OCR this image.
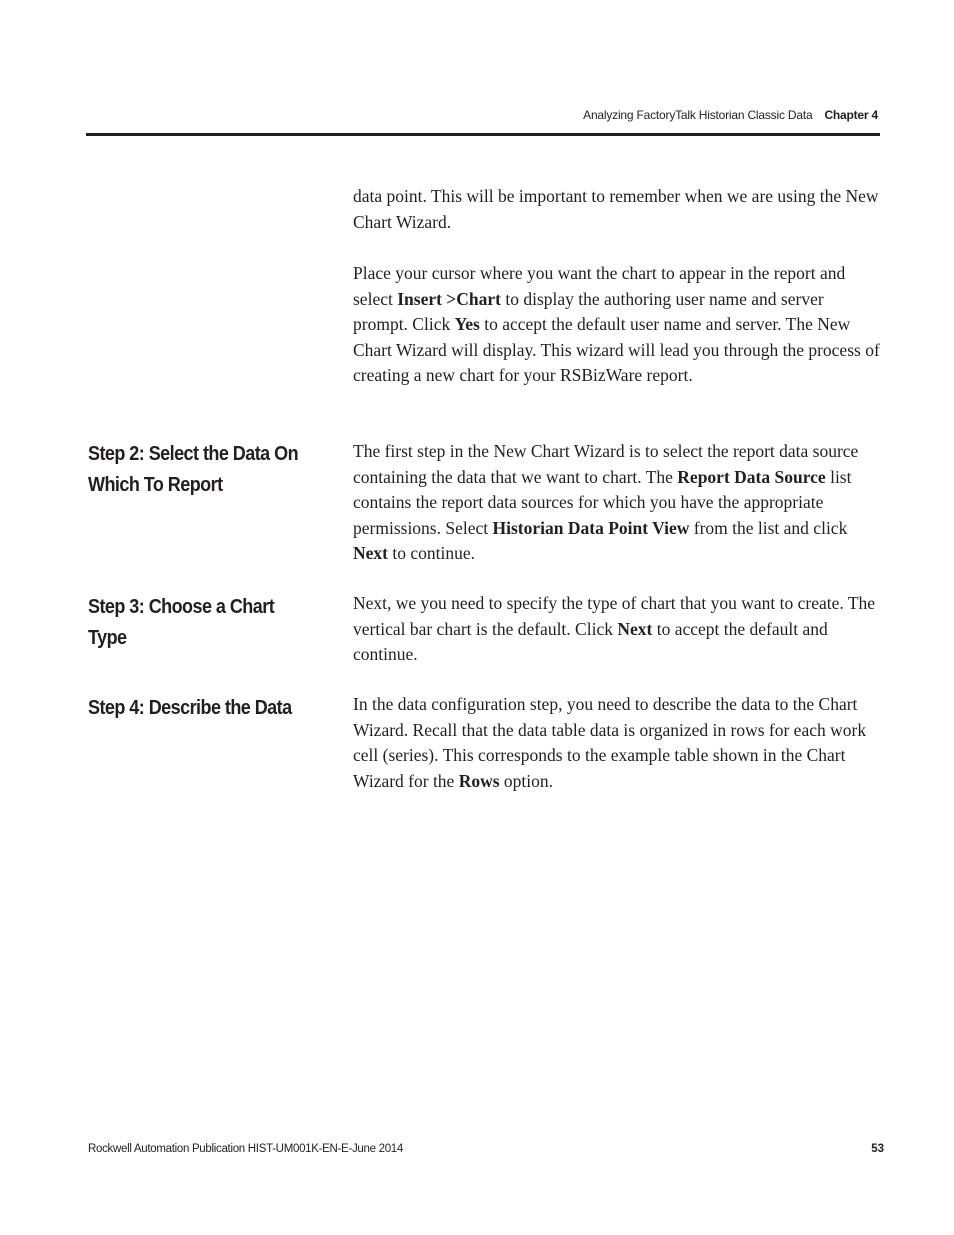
Analyzing FactoryTalk Historian Classic Data Chapter 4

data point. This will be important to remember when we are using the New Chart Wizard.

Place your cursor where you want the chart to appear in the report and select Insert >Chart to display the authoring user name and server prompt. Click Yes to accept the default user name and server. The New Chart Wizard will display. This wizard will lead you through the process of creating a new chart for your RSBizWare report.

Step 2: Select the Data On Which To Report

The first step in the New Chart Wizard is to select the report data source containing the data that we want to chart. The Report Data Source list contains the report data sources for which you have the appropriate permissions. Select Historian Data Point View from the list and click Next to continue.

Step 3: Choose a Chart Type

Next, we you need to specify the type of chart that you want to create. The vertical bar chart is the default. Click Next to accept the default and continue.

Step 4: Describe the Data	In the data configuration step, you need to describe the data to the Chart Wizard. Recall that the data table data is organized in rows for each work cell (series). This corresponds to the example table shown in the Chart Wizard for the Rows option.

Rockwell Automation Publication HIST-UM001K-EN-E-June 2014	53
